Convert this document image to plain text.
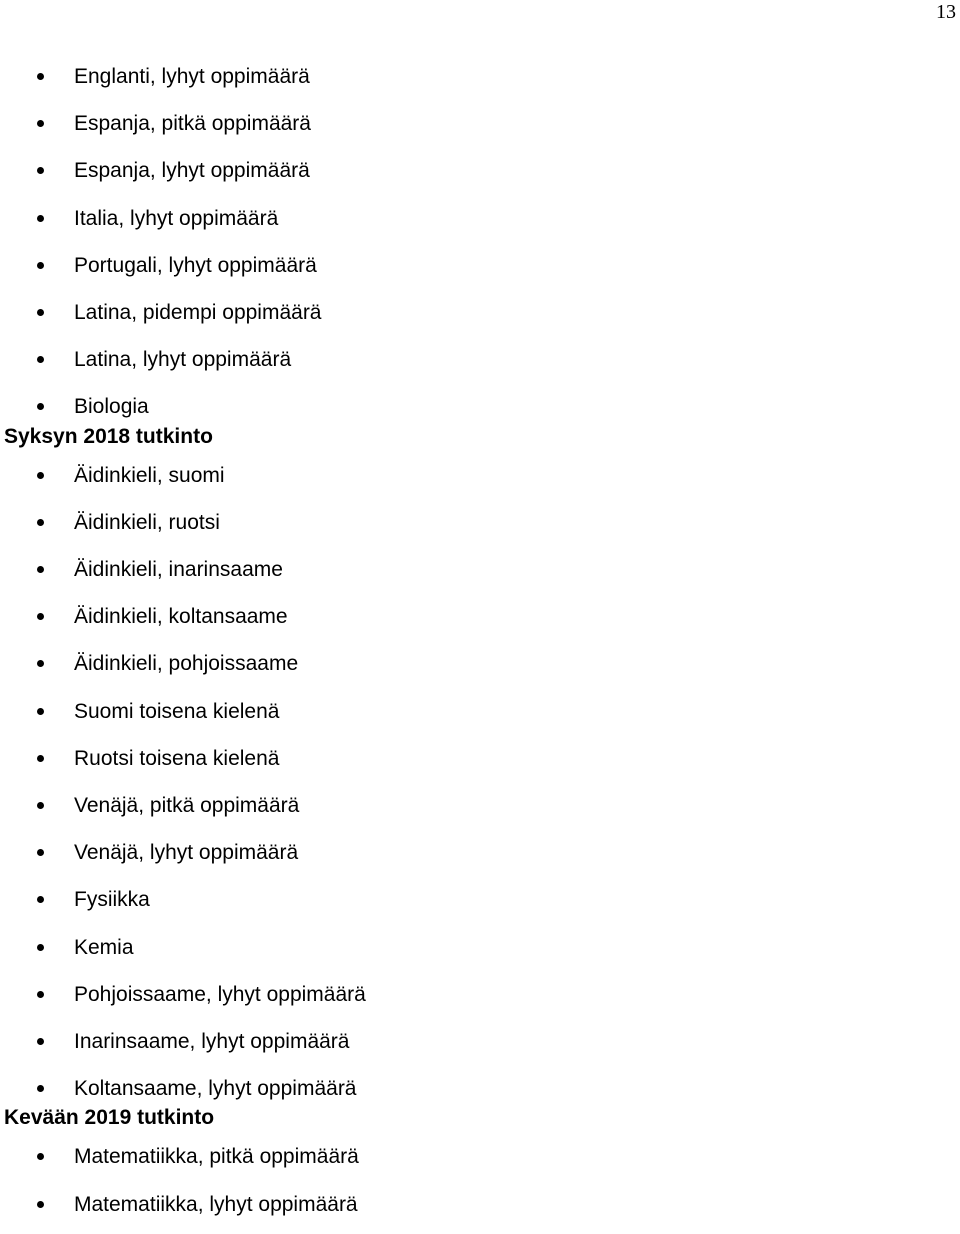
13
Englanti, lyhyt oppimäärä
Espanja, pitkä oppimäärä
Espanja, lyhyt oppimäärä
Italia, lyhyt oppimäärä
Portugali, lyhyt oppimäärä
Latina, pidempi oppimäärä
Latina, lyhyt oppimäärä
Biologia
Syksyn 2018 tutkinto
Äidinkieli, suomi
Äidinkieli, ruotsi
Äidinkieli, inarinsaame
Äidinkieli, koltansaame
Äidinkieli, pohjoissaame
Suomi toisena kielenä
Ruotsi toisena kielenä
Venäjä, pitkä oppimäärä
Venäjä, lyhyt oppimäärä
Fysiikka
Kemia
Pohjoissaame, lyhyt oppimäärä
Inarinsaame, lyhyt oppimäärä
Koltansaame, lyhyt oppimäärä
Kevään 2019 tutkinto
Matematiikka, pitkä oppimäärä
Matematiikka, lyhyt oppimäärä
